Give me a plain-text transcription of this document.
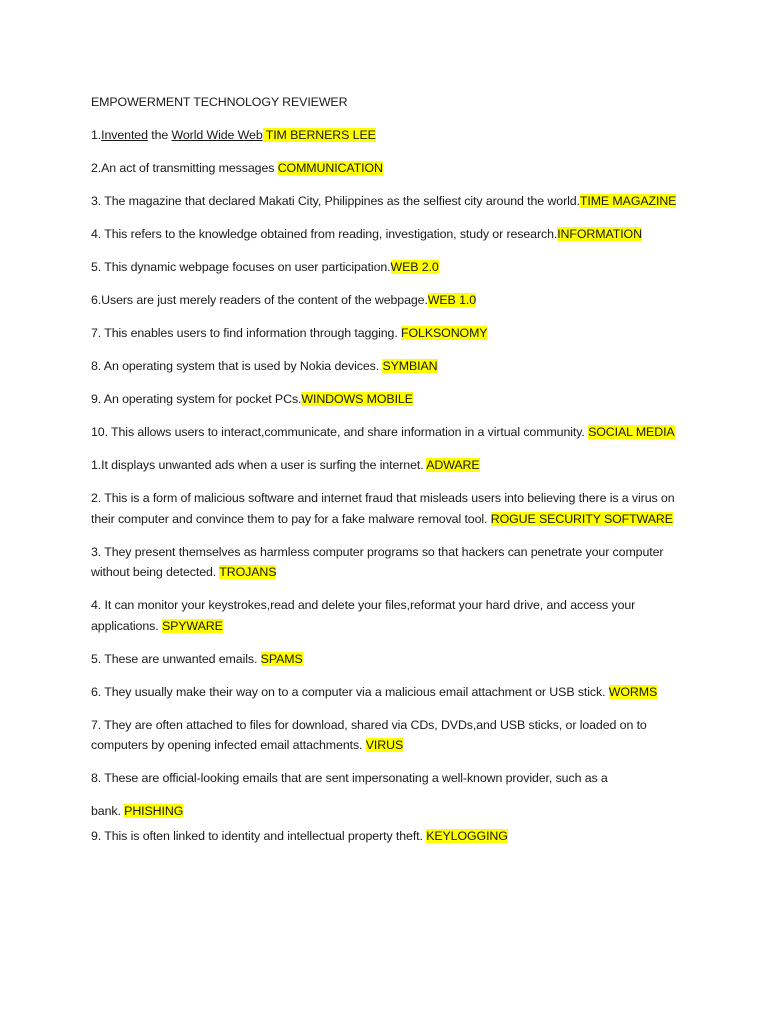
EMPOWERMENT TECHNOLOGY REVIEWER

1.Invented the World Wide Web TIM BERNERS LEE

2.An act of transmitting messages COMMUNICATION

3. The magazine that declared Makati City, Philippines as the selfiest city around the world.TIME MAGAZINE

4. This refers to the knowledge obtained from reading, investigation, study or research.INFORMATION

5. This dynamic webpage focuses on user participation.WEB 2.0

6.Users are just merely readers of the content of the webpage.WEB 1.0

7. This enables users to find information through tagging. FOLKSONOMY

8. An operating system that is used by Nokia devices. SYMBIAN

9. An operating system for pocket PCs.WINDOWS MOBILE

10. This allows users to interact,communicate, and share information in a virtual community. SOCIAL MEDIA

1.It displays unwanted ads when a user is surfing the internet. ADWARE

2. This is a form of malicious software and internet fraud that misleads users into believing there is a virus on their computer and convince them to pay for a fake malware removal tool. ROGUE SECURITY SOFTWARE

3. They present themselves as harmless computer programs so that hackers can penetrate your computer without being detected. TROJANS

4. It can monitor your keystrokes,read and delete your files,reformat your hard drive, and access your applications. SPYWARE

5. These are unwanted emails. SPAMS

6. They usually make their way on to a computer via a malicious email attachment or USB stick. WORMS

7. They are often attached to files for download, shared via CDs, DVDs,and USB sticks, or loaded on to computers by opening infected email attachments. VIRUS

8. These are official-looking emails that are sent impersonating a well-known provider, such as a

bank. PHISHING

9. This is often linked to identity and intellectual property theft. KEYLOGGING
